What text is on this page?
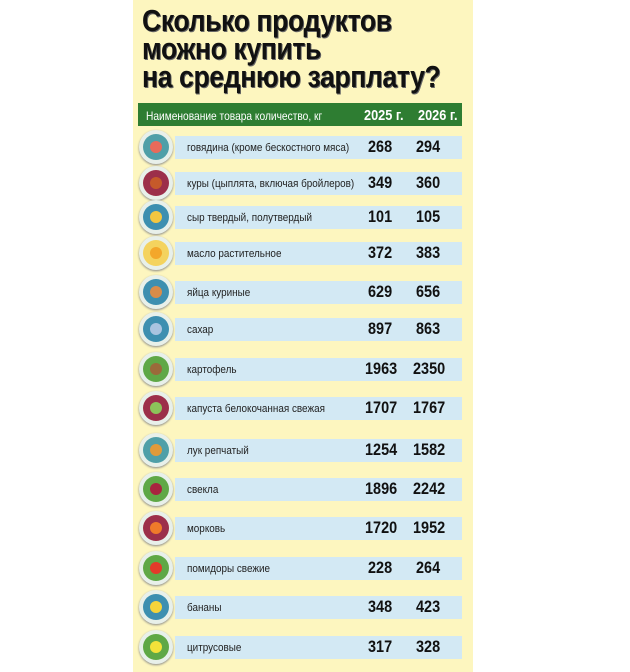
Сколько продуктов
можно купить
на среднюю зарплату?
Наименование товара количество, кг	2025 г. 2026 г.
говядина (кроме бескостного мяса) 268 294
куры (цыплята, включая бройлеров) 349 360
сыр твердый, полутвердый	101 105
масло растительное	372 383
яйца куриные	629 656
сахар	897 863
картофель	1963 2350
капуста белокочанная свежая 1707 1767
лук репчатый	1254 1582
свекла	1896 2242
морковь	1720 1952
помидоры свежие	228 264
бананы	348 423
цитрусовые	317 328
